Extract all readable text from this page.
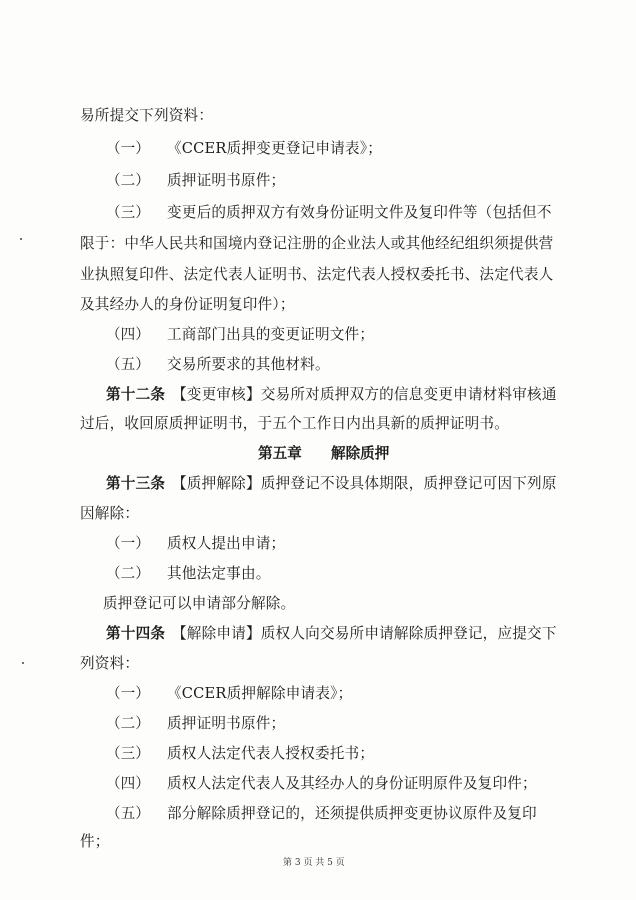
易所提交下列资料：
（一） 《CCER质押变更登记申请表》；
（二） 质押证明书原件；
（三） 变更后的质押双方有效身份证明文件及复印件等（包括但不
限于：中华人民共和国境内登记注册的企业法人或其他经纪组织须提供营
业执照复印件、法定代表人证明书、法定代表人授权委托书、法定代表人
及其经办人的身份证明复印件）；
（四） 工商部门出具的变更证明文件；
（五） 交易所要求的其他材料。
第十二条 【变更审核】交易所对质押双方的信息变更申请材料审核通
过后，收回原质押证明书，于五个工作日内出具新的质押证明书。
第五章　　解除质押
第十三条 【质押解除】质押登记不设具体期限，质押登记可因下列原
因解除：
（一） 质权人提出申请；
（二） 其他法定事由。
质押登记可以申请部分解除。
第十四条 【解除申请】质权人向交易所申请解除质押登记，应提交下
列资料：
（一） 《CCER质押解除申请表》；
（二） 质押证明书原件；
（三） 质权人法定代表人授权委托书；
（四） 质权人法定代表人及其经办人的身份证明原件及复印件；
（五） 部分解除质押登记的，还须提供质押变更协议原件及复印
件；
第 3 页 共 5 页
